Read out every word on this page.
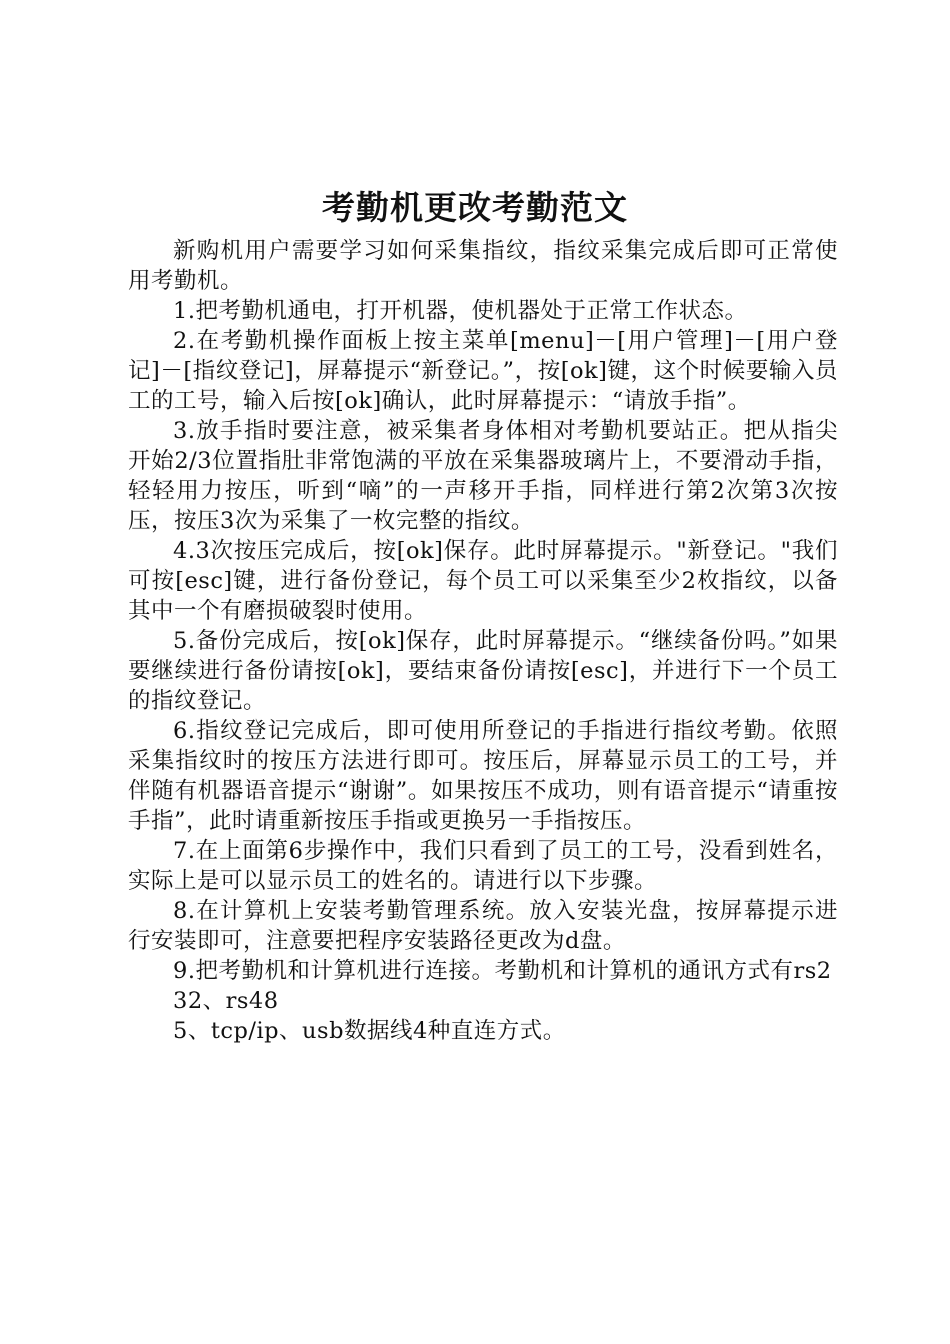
考勤机更改考勤范文

新购机用户需要学习如何采集指纹，指纹采集完成后即可正常使用考勤机。

1.把考勤机通电，打开机器，使机器处于正常工作状态。

2.在考勤机操作面板上按主菜单[menu]－[用户管理]－[用户登记]－[指纹登记]，屏幕提示“新登记。”，按[ok]键，这个时候要输入员工的工号，输入后按[ok]确认，此时屏幕提示：“请放手指”。

3.放手指时要注意，被采集者身体相对考勤机要站正。把从指尖开始2/3位置指肚非常饱满的平放在采集器玻璃片上，不要滑动手指，轻轻用力按压，听到“嘀”的一声移开手指，同样进行第2次第3次按压，按压3次为采集了一枚完整的指纹。

4.3次按压完成后，按[ok]保存。此时屏幕提示。"新登记。"我们可按[esc]键，进行备份登记，每个员工可以采集至少2枚指纹，以备其中一个有磨损破裂时使用。

5.备份完成后，按[ok]保存，此时屏幕提示。“继续备份吗。”如果要继续进行备份请按[ok]，要结束备份请按[esc]，并进行下一个员工的指纹登记。

6.指纹登记完成后，即可使用所登记的手指进行指纹考勤。依照采集指纹时的按压方法进行即可。按压后，屏幕显示员工的工号，并伴随有机器语音提示“谢谢”。如果按压不成功，则有语音提示“请重按手指”，此时请重新按压手指或更换另一手指按压。

7.在上面第6步操作中，我们只看到了员工的工号，没看到姓名，实际上是可以显示员工的姓名的。请进行以下步骤。

8.在计算机上安装考勤管理系统。放入安装光盘，按屏幕提示进行安装即可，注意要把程序安装路径更改为d盘。

9.把考勤机和计算机进行连接。考勤机和计算机的通讯方式有rs2

32、rs48

5、tcp/ip、usb数据线4种直连方式。
